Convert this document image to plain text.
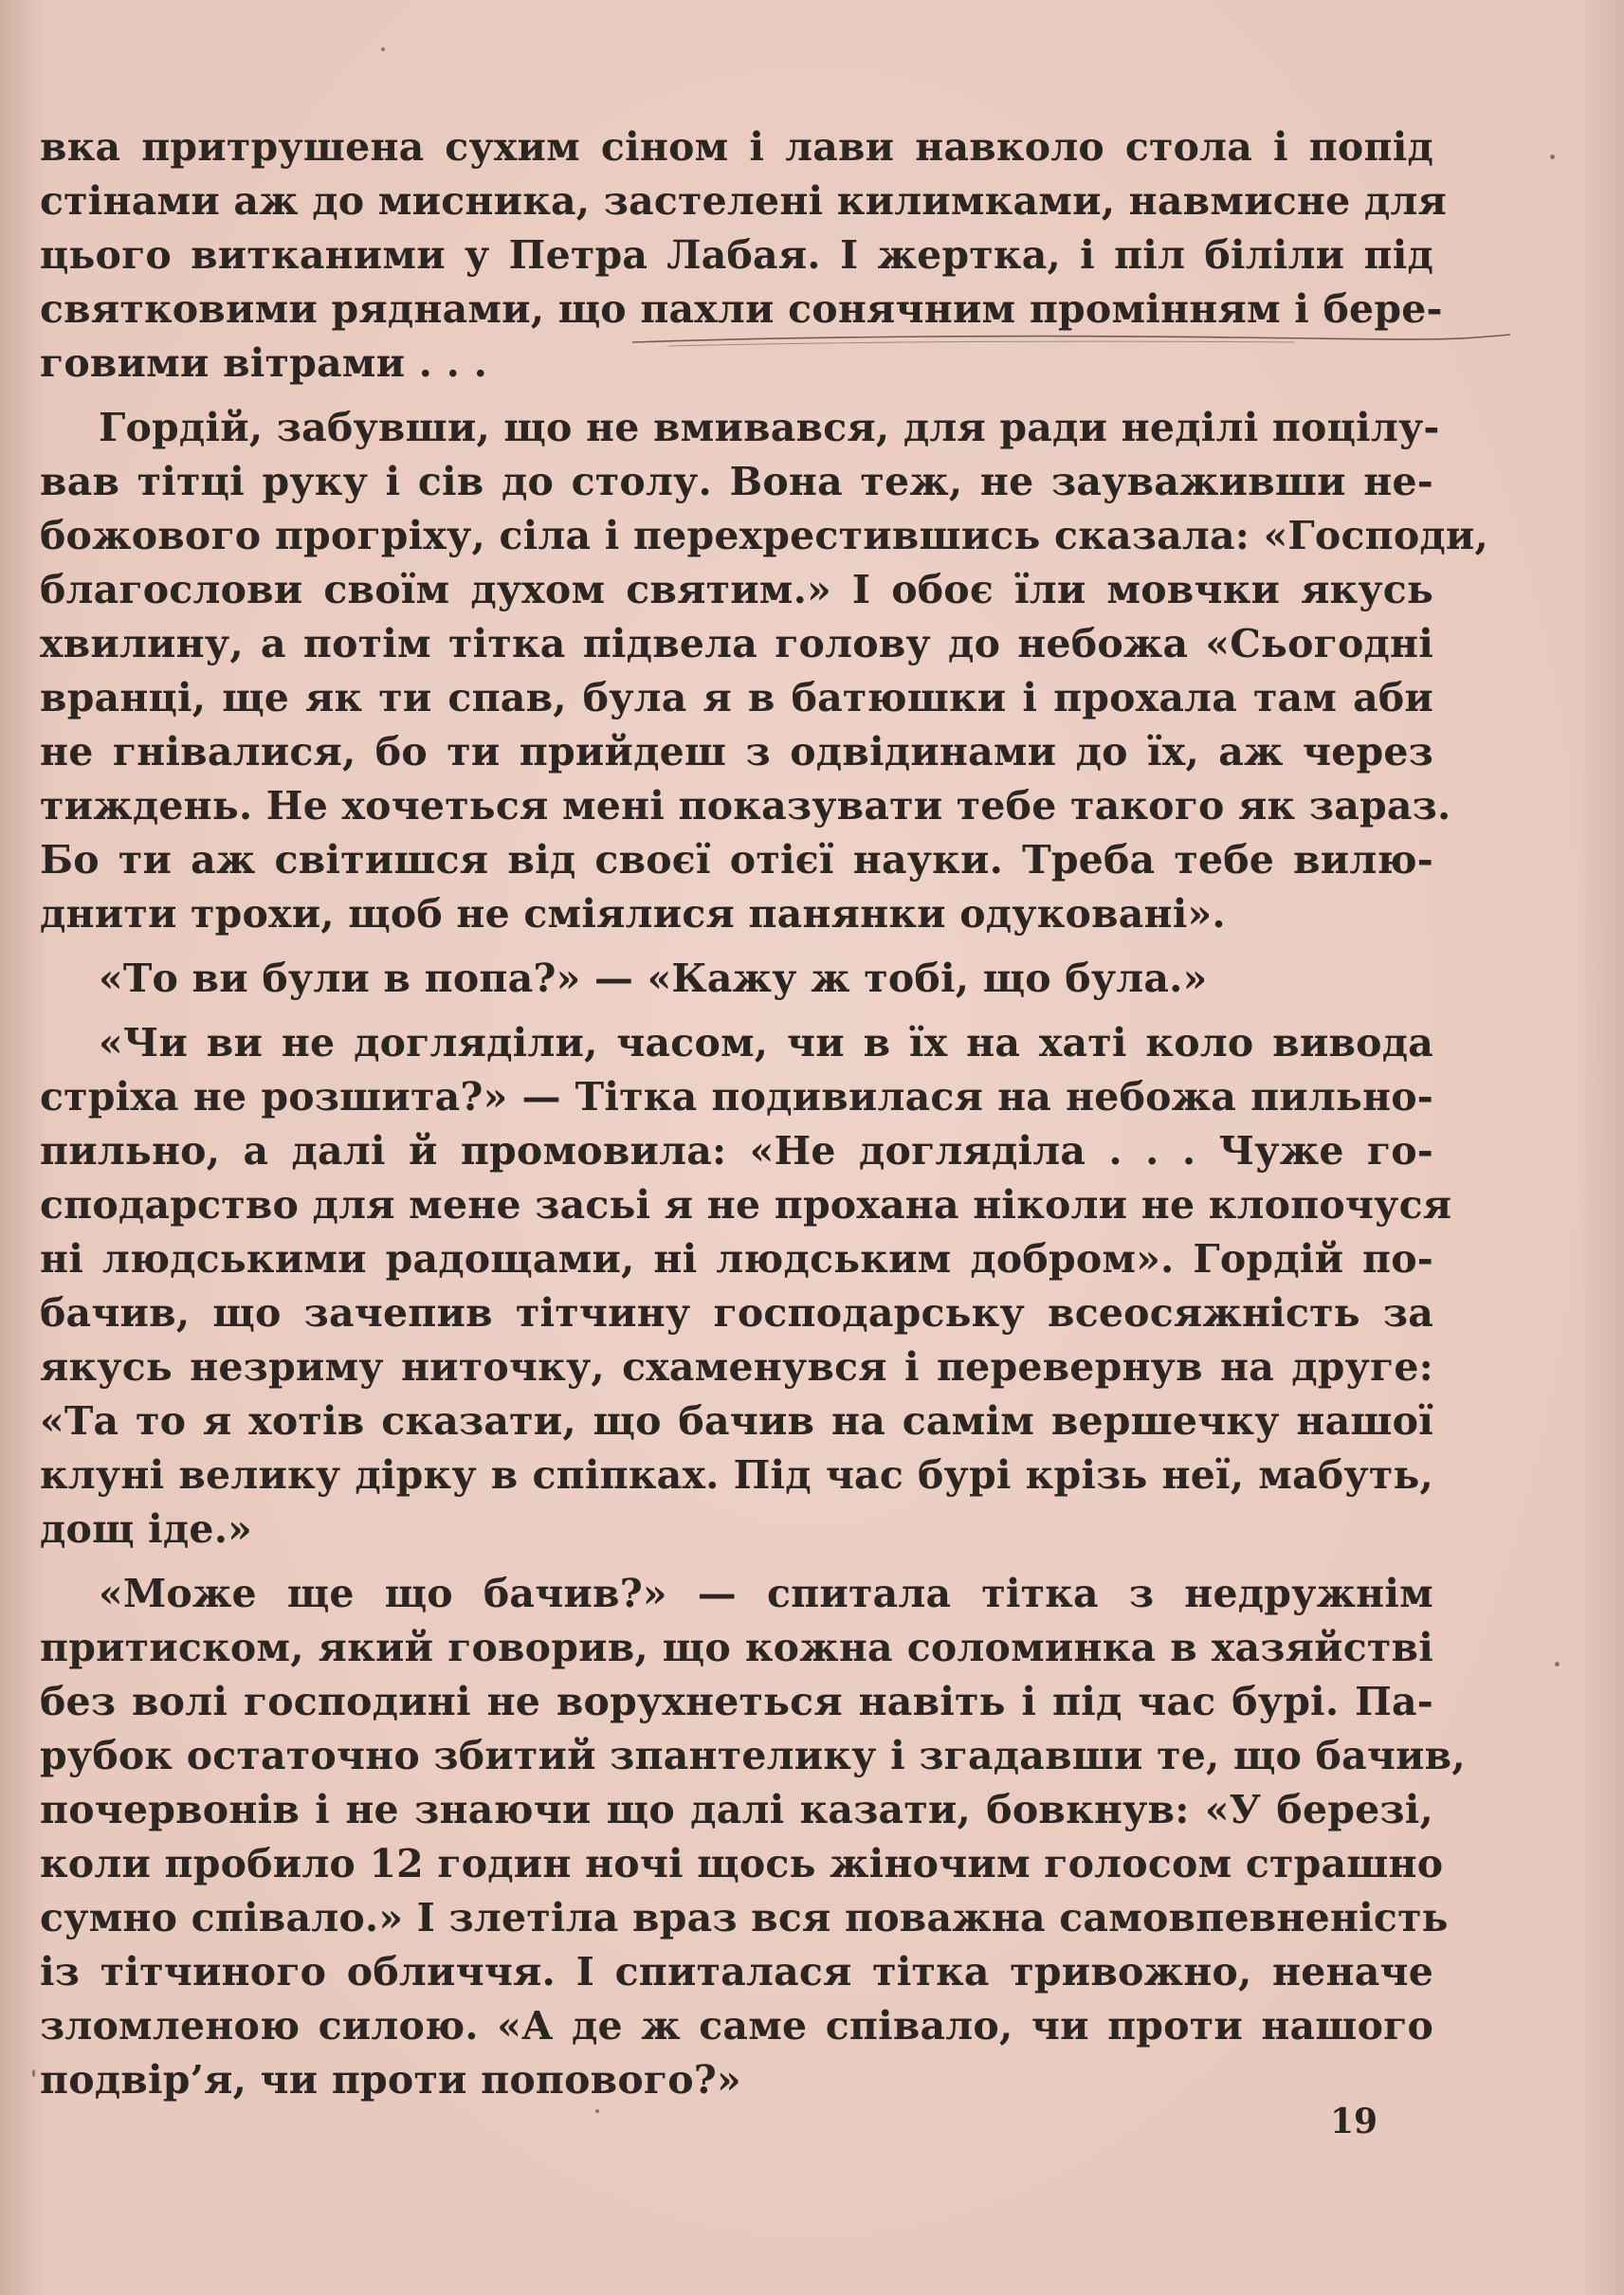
вка притрушена сухим сіном і лави навколо стола і попід
стінами аж до мисника, застелені килимками, навмисне для
цього витканими у Петра Лабая. І жертка, і піл біліли під
святковими ряднами, що пахли сонячним промінням і бере-
говими вітрами . . .
Гордій, забувши, що не вмивався, для ради неділі поцілу-
вав тітці руку і сів до столу. Вона теж, не зауваживши не-
божового прогріху, сіла і перехрестившись сказала: «Господи,
благослови своїм духом святим.» І обоє їли мовчки якусь
хвилину, а потім тітка підвела голову до небожа «Сьогодні
вранці, ще як ти спав, була я в батюшки і прохала там аби
не гнівалися, бо ти прийдеш з одвідинами до їх, аж через
тиждень. Не хочеться мені показувати тебе такого як зараз.
Бо ти аж світишся від своєї отієї науки. Треба тебе вилю-
днити трохи, щоб не сміялися панянки одуковані».
«То ви були в попа?» — «Кажу ж тобі, що була.»
«Чи ви не догляділи, часом, чи в їх на хаті коло вивода
стріха не розшита?» — Тітка подивилася на небожа пильно-
пильно, а далі й промовила: «Не догляділа . . . Чуже го-
сподарство для мене засьі я не прохана ніколи не клопочуся
ні людськими радощами, ні людським добром». Гордій по-
бачив, що зачепив тітчину господарську всеосяжність за
якусь незриму ниточку, схаменувся і перевернув на друге:
«Та то я хотів сказати, що бачив на самім вершечку нашої
клуні велику дірку в спіпках. Під час бурі крізь неї, мабуть,
дощ іде.»
«Може ще що бачив?» — спитала тітка з недружнім
притиском, який говорив, що кожна соломинка в хазяйстві
без волі господині не ворухнеться навіть і під час бурі. Па-
рубок остаточно збитий зпантелику і згадавши те, що бачив,
почервонів і не знаючи що далі казати, бовкнув: «У березі,
коли пробило 12 годин ночі щось жіночим голосом страшно
сумно співало.» І злетіла враз вся поважна самовпевненість
із тітчиного обличчя. І спиталася тітка тривожно, неначе
зломленою силою. «А де ж саме співало, чи проти нашого
подвір’я, чи проти попового?»
19
